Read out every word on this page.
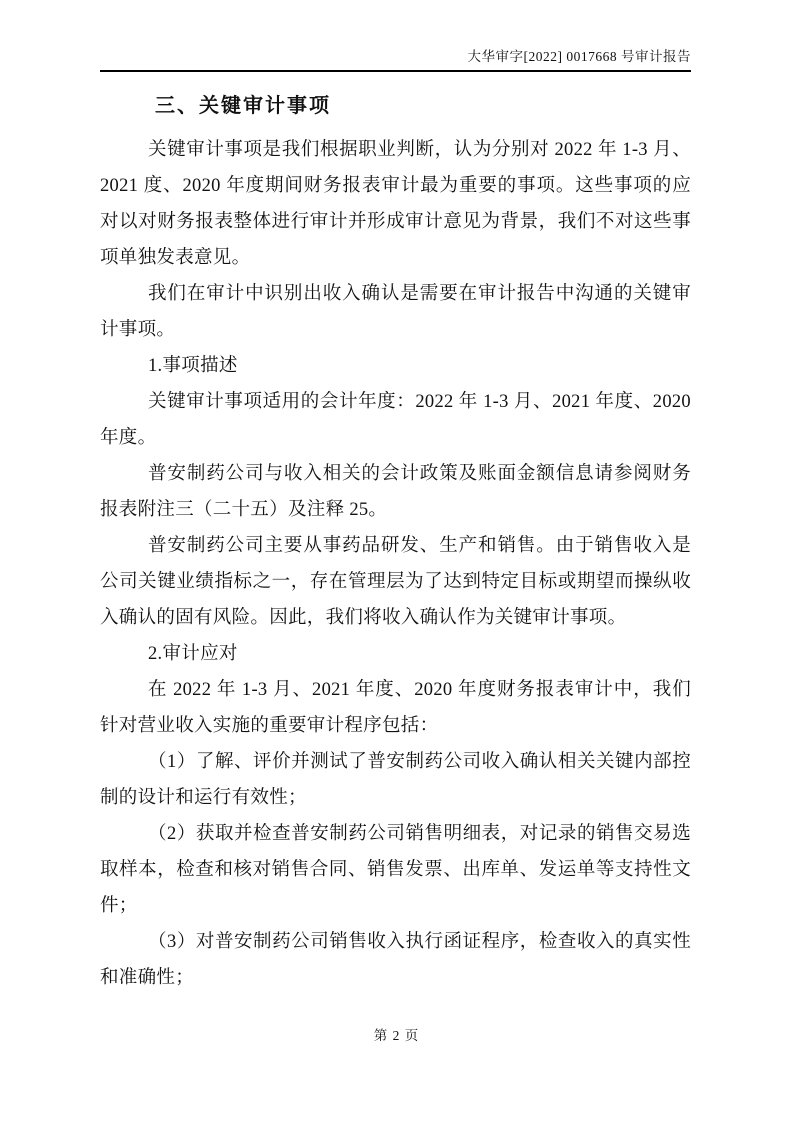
大华审字[2022] 0017668 号审计报告
三、关键审计事项

关键审计事项是我们根据职业判断，认为分别对 2022 年 1-3 月、2021 度、2020 年度期间财务报表审计最为重要的事项。这些事项的应对以对财务报表整体进行审计并形成审计意见为背景，我们不对这些事项单独发表意见。

我们在审计中识别出收入确认是需要在审计报告中沟通的关键审计事项。

1.事项描述

关键审计事项适用的会计年度：2022 年 1-3 月、2021 年度、2020 年度。

普安制药公司与收入相关的会计政策及账面金额信息请参阅财务报表附注三（二十五）及注释 25。

普安制药公司主要从事药品研发、生产和销售。由于销售收入是公司关键业绩指标之一，存在管理层为了达到特定目标或期望而操纵收入确认的固有风险。因此，我们将收入确认作为关键审计事项。

2.审计应对

在 2022 年 1-3 月、2021 年度、2020 年度财务报表审计中，我们针对营业收入实施的重要审计程序包括：

（1）了解、评价并测试了普安制药公司收入确认相关关键内部控制的设计和运行有效性；

（2）获取并检查普安制药公司销售明细表，对记录的销售交易选取样本，检查和核对销售合同、销售发票、出库单、发运单等支持性文件；

（3）对普安制药公司销售收入执行函证程序，检查收入的真实性和准确性；

第 2 页
